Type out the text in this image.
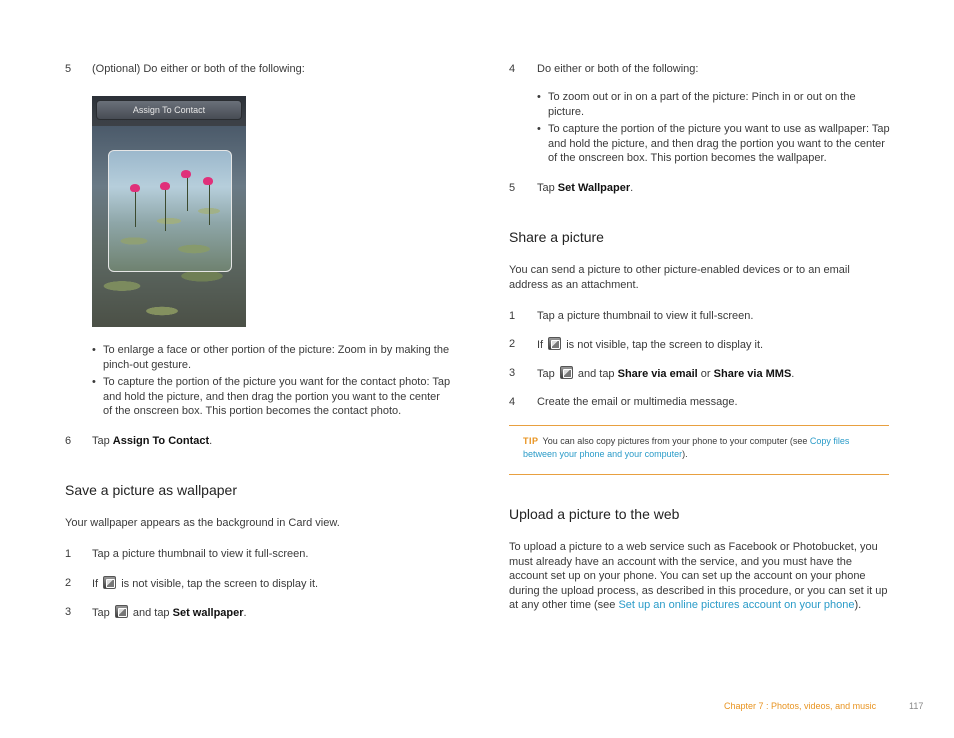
5 (Optional) Do either or both of the following:
Assign To Contact
• To enlarge a face or other portion of the picture: Zoom in by making the pinch-out gesture.
• To capture the portion of the picture you want for the contact photo: Tap and hold the picture, and then drag the portion you want to the center of the onscreen box. This portion becomes the contact photo.
6 Tap Assign To Contact.
Save a picture as wallpaper
Your wallpaper appears as the background in Card view.
1 Tap a picture thumbnail to view it full-screen.
2 If  is not visible, tap the screen to display it.
3 Tap  and tap Set wallpaper.
4 Do either or both of the following:
• To zoom out or in on a part of the picture: Pinch in or out on the picture.
• To capture the portion of the picture you want to use as wallpaper: Tap and hold the picture, and then drag the portion you want to the center of the onscreen box. This portion becomes the wallpaper.
5 Tap Set Wallpaper.
Share a picture
You can send a picture to other picture-enabled devices or to an email address as an attachment.
1 Tap a picture thumbnail to view it full-screen.
2 If  is not visible, tap the screen to display it.
3 Tap  and tap Share via email or Share via MMS.
4 Create the email or multimedia message.
TIP You can also copy pictures from your phone to your computer (see Copy files between your phone and your computer).
Upload a picture to the web
To upload a picture to a web service such as Facebook or Photobucket, you must already have an account with the service, and you must have the account set up on your phone. You can set up the account on your phone during the upload process, as described in this procedure, or you can set it up at any other time (see Set up an online pictures account on your phone).
Chapter 7 : Photos, videos, and music	117
